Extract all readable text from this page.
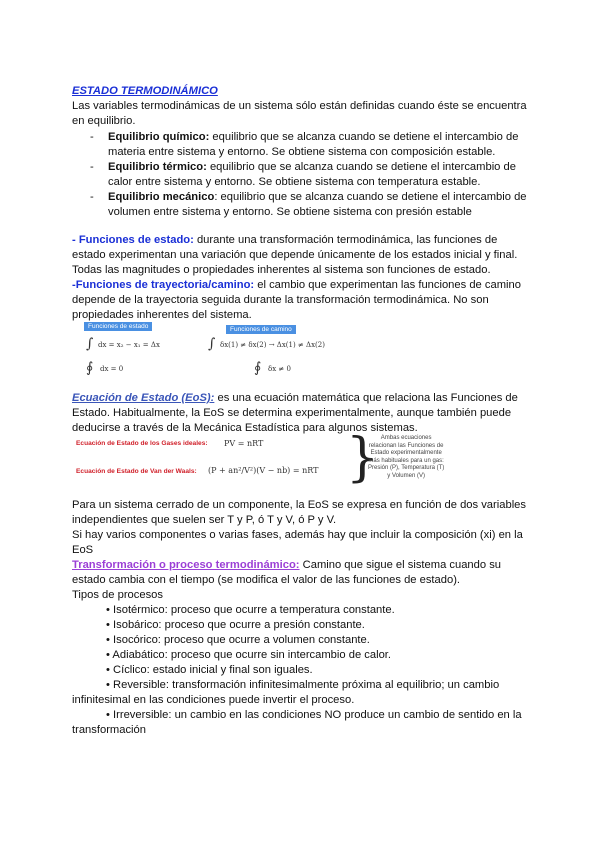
ESTADO TERMODINÁMICO
Las variables termodinámicas de un sistema sólo están definidas cuando éste se encuentra
en equilibrio.
- Equilibrio químico: equilibrio que se alcanza cuando se detiene el intercambio de
materia entre sistema y entorno. Se obtiene sistema con composición estable.
- Equilibrio térmico: equilibrio que se alcanza cuando se detiene el intercambio de
calor entre sistema y entorno. Se obtiene sistema con temperatura estable.
- Equilibrio mecánico: equilibrio que se alcanza cuando se detiene el intercambio de
volumen entre sistema y entorno. Se obtiene sistema con presión estable
- Funciones de estado: durante una transformación termodinámica, las funciones de
estado experimentan una variación que depende únicamente de los estados inicial y final.
Todas las magnitudes o propiedades inherentes al sistema son funciones de estado.
-Funciones de trayectoria/camino: el cambio que experimentan las funciones de camino
depende de la trayectoria seguida durante la transformación termodinámica. No son
propiedades inherentes del sistema.
Funciones de estado	Funciones de camino
∫ dx = x₂ − x₁ = Δx
∮ dx = 0
∫ δx(1) ≠ δx(2) → Δx(1) ≠ Δx(2)
∮ δx ≠ 0
Ecuación de Estado (EoS): es una ecuación matemática que relaciona las Funciones de
Estado. Habitualmente, la EoS se determina experimentalmente, aunque también puede
deducirse a través de la Mecánica Estadística para algunos sistemas.
Ecuación de Estado de los Gases ideales: PV = nRT
Ecuación de Estado de Van der Waals: (P + an²/V²)(V − nb) = nRT } Ambas ecuaciones
relacionan las Funciones de
Estado experimentalmente
más habituales para un gas:
Presión (P), Temperatura (T)
y Volumen (V)
Para un sistema cerrado de un componente, la EoS se expresa en función de dos variables
independientes que suelen ser T y P, ó T y V, ó P y V.
Si hay varios componentes o varias fases, además hay que incluir la composición (xi) en la
EoS
Transformación o proceso termodinámico: Camino que sigue el sistema cuando su
estado cambia con el tiempo (se modifica el valor de las funciones de estado).
Tipos de procesos
• Isotérmico: proceso que ocurre a temperatura constante.
• Isobárico: proceso que ocurre a presión constante.
• Isocórico: proceso que ocurre a volumen constante.
• Adiabático: proceso que ocurre sin intercambio de calor.
• Cíclico: estado inicial y final son iguales.
• Reversible: transformación infinitesimalmente próxima al equilibrio; un cambio
infinitesimal en las condiciones puede invertir el proceso.
• Irreversible: un cambio en las condiciones NO produce un cambio de sentido en la
transformación
